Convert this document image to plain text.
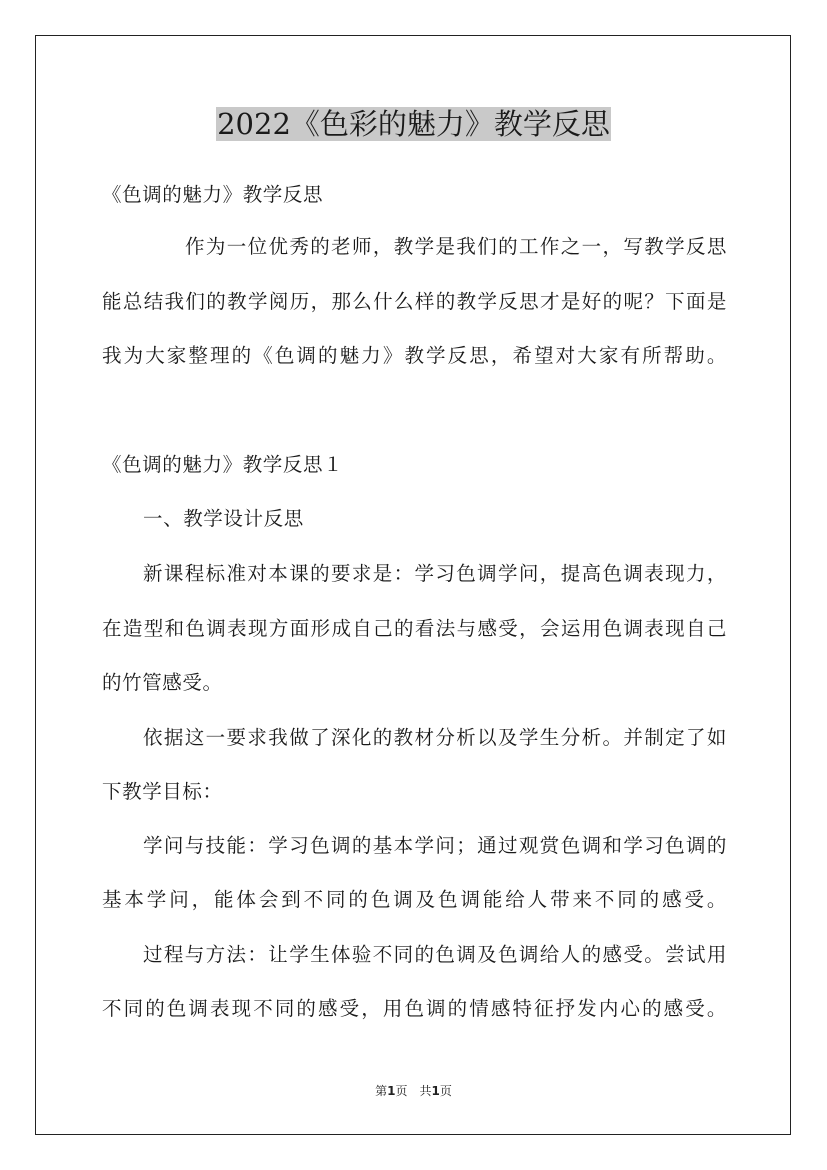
2022《色彩的魅力》教学反思
《色调的魅力》教学反思
作为一位优秀的老师，教学是我们的工作之一，写教学反思
能总结我们的教学阅历，那么什么样的教学反思才是好的呢？下面是
我为大家整理的《色调的魅力》教学反思，希望对大家有所帮助。
《色调的魅力》教学反思１
一、教学设计反思
新课程标准对本课的要求是：学习色调学问，提高色调表现力，
在造型和色调表现方面形成自己的看法与感受，会运用色调表现自己
的竹管感受。
依据这一要求我做了深化的教材分析以及学生分析。并制定了如
下教学目标：
学问与技能：学习色调的基本学问；通过观赏色调和学习色调的
基本学问，能体会到不同的色调及色调能给人带来不同的感受。
过程与方法：让学生体验不同的色调及色调给人的感受。尝试用
不同的色调表现不同的感受，用色调的情感特征抒发内心的感受。
第1页　共1页
